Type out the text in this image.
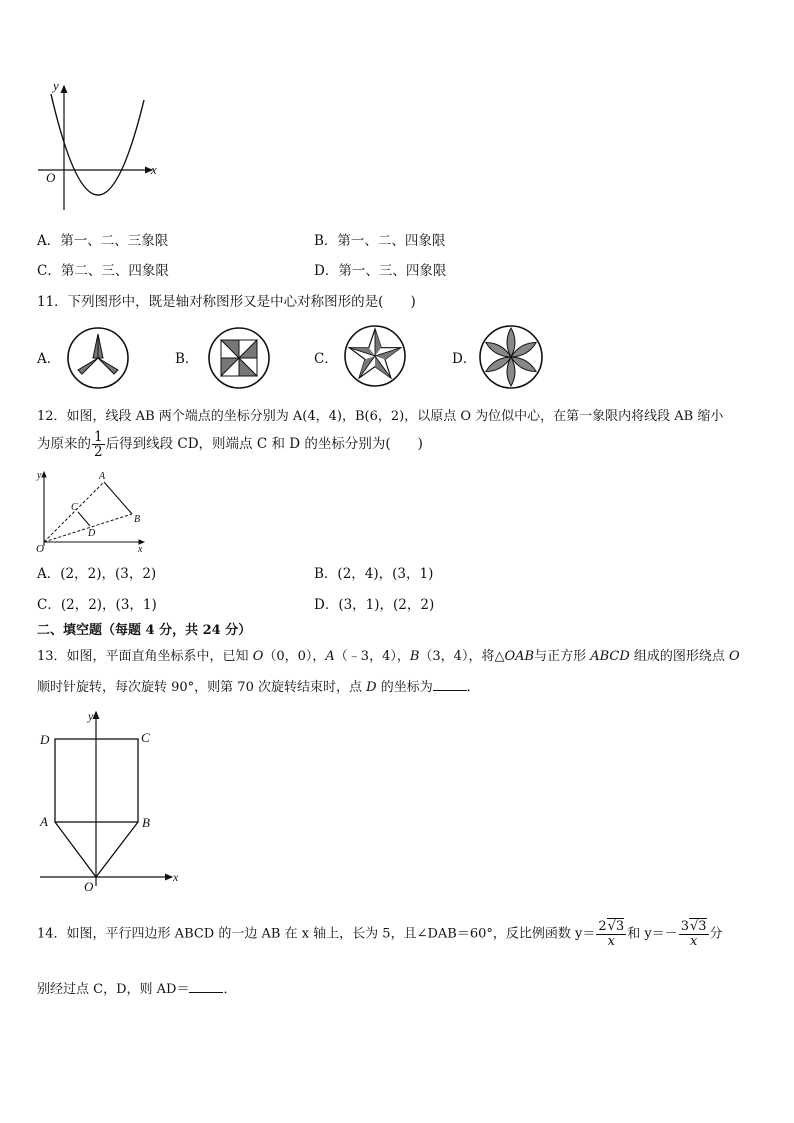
y
x
O
A．第一、二、三象限	B．第一、二、四象限
C．第二、三、四象限	D．第一、三、四象限
11．下列图形中，既是轴对称图形又是中心对称图形的是(　　)
A．	B．	C．	D．
12．如图，线段 AB 两个端点的坐标分别为 A(4，4)，B(6，2)，以原点 O 为位似中心，在第一象限内将线段 AB 缩小
为原来的 $\frac{1}{2}$ 后得到线段 CD，则端点 C 和 D 的坐标分别为(　　)
y
x
O
A
B
C
D
A．(2，2)，(3，2)	B．(2，4)，(3，1)
C．(2，2)，(3，1)	D．(3，1)，(2，2)
二、填空题（每题 4 分，共 24 分）
13．如图，平面直角坐标系中，已知 O（0，0），A（﹣3，4），B（3，4），将△OAB与正方形 ABCD 组成的图形绕点 O
顺时针旋转，每次旋转 90°，则第 70 次旋转结束时，点 D 的坐标为	．
y
x
O
D	C
A	B
14．如图，平行四边形 ABCD 的一边 AB 在 x 轴上，长为 5，且∠DAB＝60°，反比例函数 $y= \frac{2√3}{x}$ 和 $y=- \frac{3√3}{x}$ 分
别经过点 C，D，则 AD＝	．
